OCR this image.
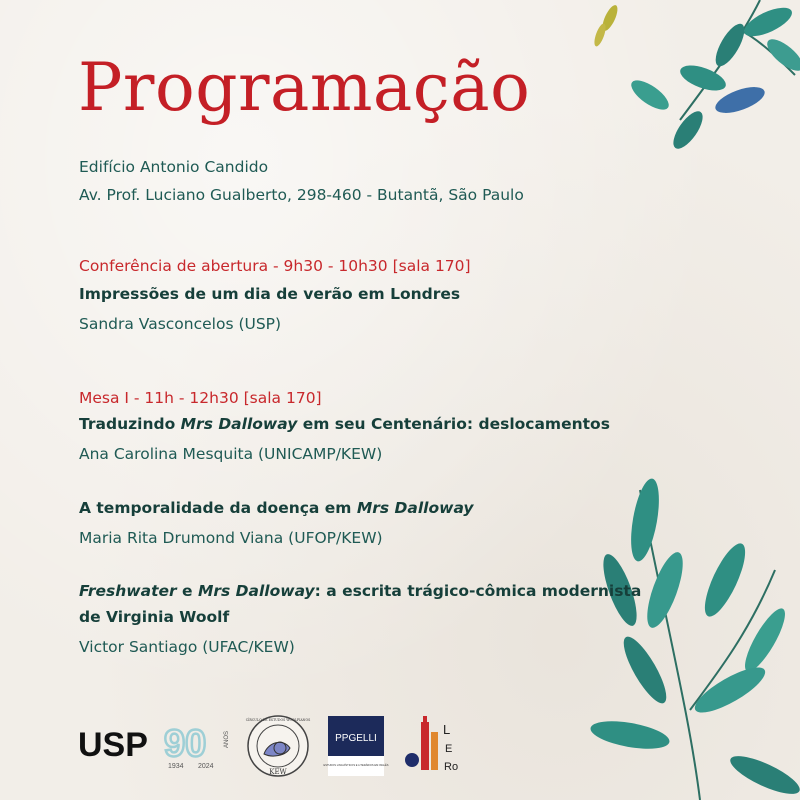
Programação
Edifício Antonio Candido
Av. Prof. Luciano Gualberto, 298-460 - Butantã, São Paulo
Conferência de abertura - 9h30 - 10h30 [sala 170]
Impressões de um dia de verão em Londres
Sandra Vasconcelos (USP)
Mesa I - 11h - 12h30 [sala 170]
Traduzindo Mrs Dalloway em seu Centenário: deslocamentos
Ana Carolina Mesquita (UNICAMP/KEW)
A temporalidade da doença em Mrs Dalloway
Maria Rita Drumond Viana (UFOP/KEW)
Freshwater e Mrs Dalloway: a escrita trágico-cômica modernista
de Virginia Woolf
Victor Santiago (UFAC/KEW)
USP 90
1934 2024
ANOS
KEW
CÍRCULO DE ESTUDOS WOOLFIANOS
PPGELLI
ESTUDOS LINGUÍSTICOS E LITERÁRIOS EM INGLÊS
L
E
Ro
